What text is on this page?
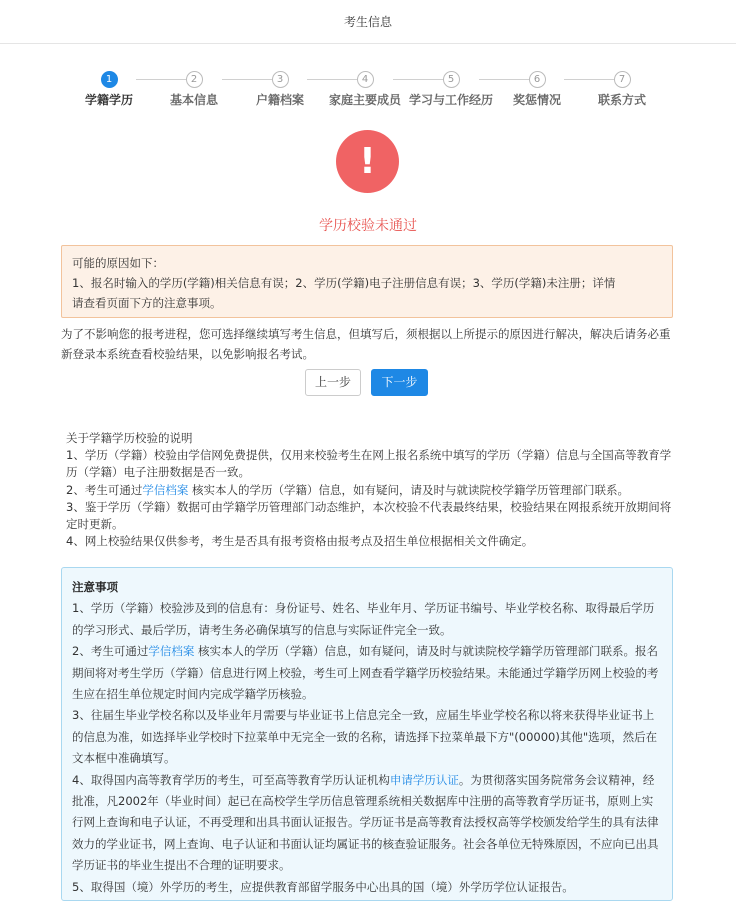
考生信息
1
学籍学历
2
基本信息
3
户籍档案
4
家庭主要成员
5
学习与工作经历
6
奖惩情况
7
联系方式
!
学历校验未通过
可能的原因如下：
1、报名时输入的学历(学籍)相关信息有误；2、学历(学籍)电子注册信息有误；3、学历(学籍)未注册；详情
请查看页面下方的注意事项。
为了不影响您的报考进程，您可选择继续填写考生信息，但填写后，须根据以上所提示的原因进行解决，解决后请务必重新登录本系统查看校验结果，以免影响报名考试。
上一步	下一步

关于学籍学历校验的说明

1、学历（学籍）校验由学信网免费提供，仅用来校验考生在网上报名系统中填写的学历（学籍）信息与全国高等教育学历（学籍）电子注册数据是否一致。

2、考生可通过学信档案 核实本人的学历（学籍）信息，如有疑问，请及时与就读院校学籍学历管理部门联系。

3、鉴于学历（学籍）数据可由学籍学历管理部门动态维护，本次校验不代表最终结果，校验结果在网报系统开放期间将定时更新。

4、网上校验结果仅供参考，考生是否具有报考资格由报考点及招生单位根据相关文件确定。

注意事项

1、学历（学籍）校验涉及到的信息有：身份证号、姓名、毕业年月、学历证书编号、毕业学校名称、取得最后学历的学习形式、最后学历，请考生务必确保填写的信息与实际证件完全一致。

2、考生可通过学信档案 核实本人的学历（学籍）信息，如有疑问，请及时与就读院校学籍学历管理部门联系。报名期间将对考生学历（学籍）信息进行网上校验，考生可上网查看学籍学历校验结果。未能通过学籍学历网上校验的考生应在招生单位规定时间内完成学籍学历核验。

3、往届生毕业学校名称以及毕业年月需要与毕业证书上信息完全一致，应届生毕业学校名称以将来获得毕业证书上的信息为准，如选择毕业学校时下拉菜单中无完全一致的名称，请选择下拉菜单最下方"(00000)其他"选项，然后在文本框中准确填写。

4、取得国内高等教育学历的考生，可至高等教育学历认证机构申请学历认证。为贯彻落实国务院常务会议精神，经批准，凡2002年（毕业时间）起已在高校学生学历信息管理系统相关数据库中注册的高等教育学历证书，原则上实行网上查询和电子认证，不再受理和出具书面认证报告。学历证书是高等教育法授权高等学校颁发给学生的具有法律效力的学业证书，网上查询、电子认证和书面认证均属证书的核查验证服务。社会各单位无特殊原因，不应向已出具学历证书的毕业生提出不合理的证明要求。

5、取得国（境）外学历的考生，应提供教育部留学服务中心出具的国（境）外学历学位认证报告。
